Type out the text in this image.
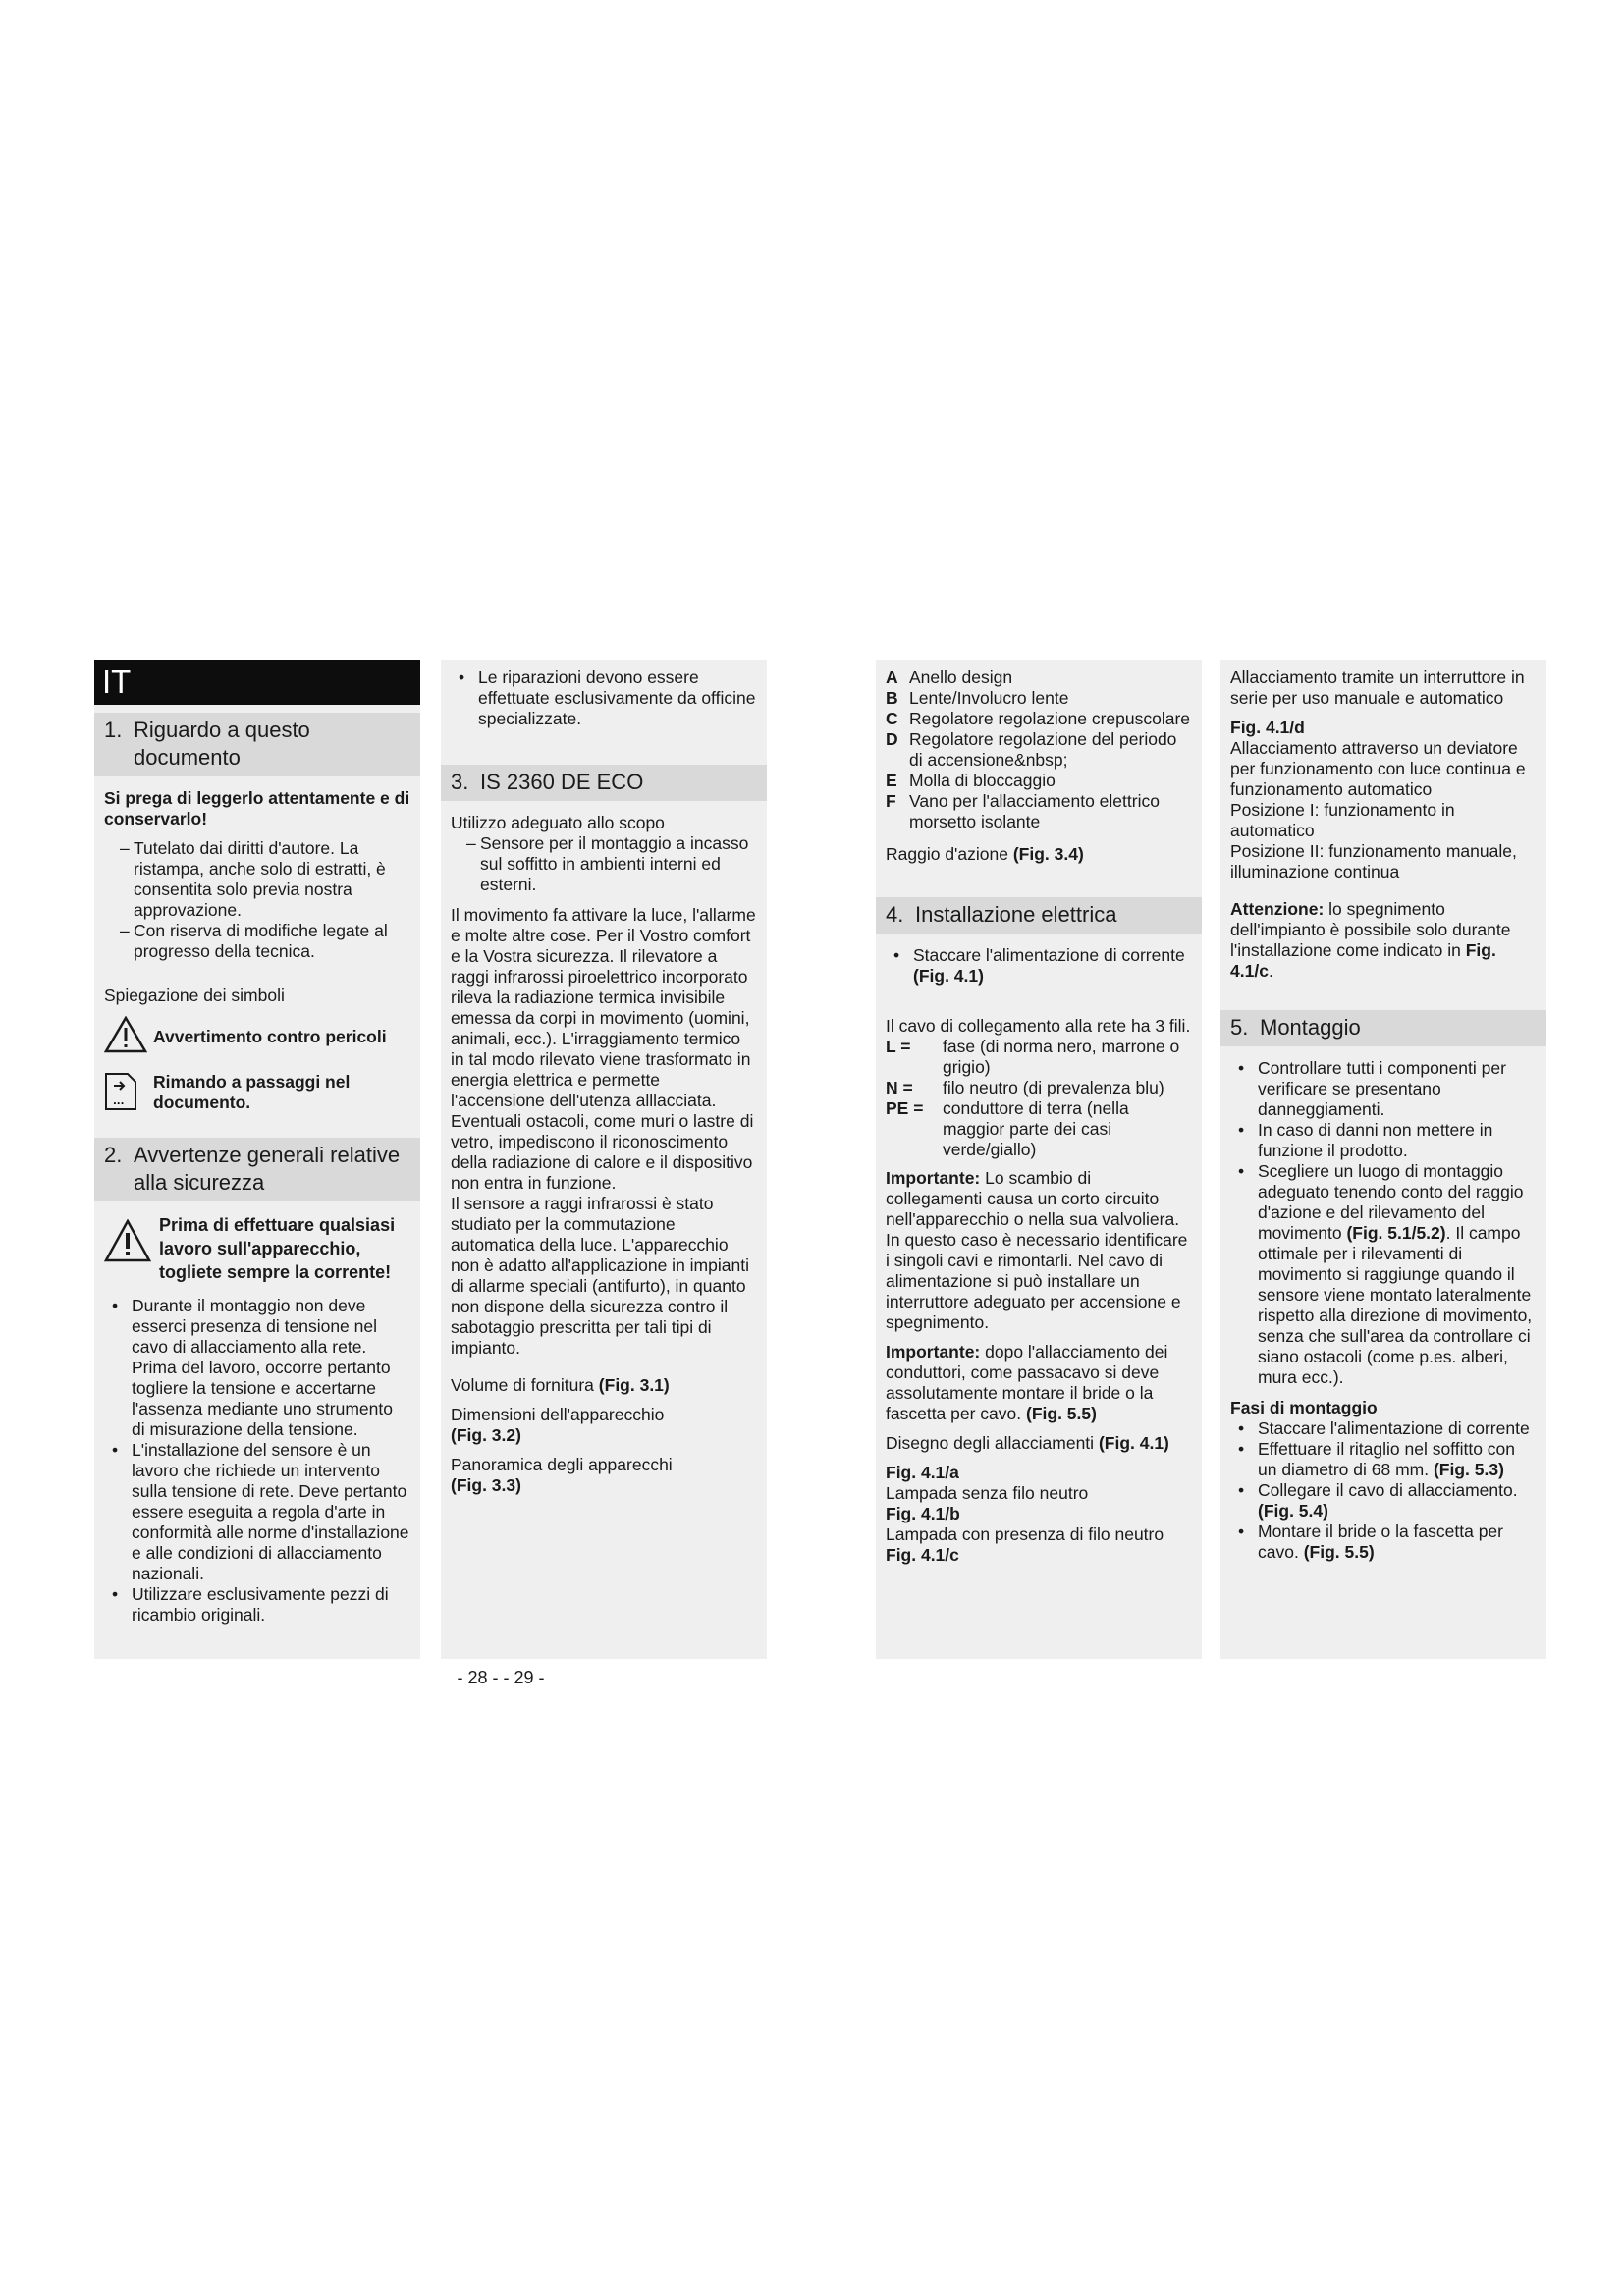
IT
1. Riguardo a questo documento
Si prega di leggerlo attentamente e di conservarlo!
– Tutelato dai diritti d'autore. La ristampa, anche solo di estratti, è consentita solo previa nostra approvazione.
– Con riserva di modifiche legate al progresso della tecnica.
Spiegazione dei simboli
Avvertimento contro pericoli
...
Rimando a passaggi nel documento.
2. Avvertenze generali relative alla sicurezza
Prima di effettuare qualsiasi lavoro sull'apparecchio, togliete sempre la corrente!
• Durante il montaggio non deve esserci presenza di tensione nel cavo di allacciamento alla rete. Prima del lavoro, occorre pertanto togliere la tensione e accertarne l'assenza mediante uno strumento di misurazione della tensione.
• L'installazione del sensore è un lavoro che richiede un intervento sulla tensione di rete. Deve pertanto essere eseguita a regola d'arte in conformità alle norme d'installazione e alle condizioni di allacciamento nazionali.
• Utilizzare esclusivamente pezzi di ricambio originali.
• Le riparazioni devono essere effettuate esclusivamente da officine specializzate.
3. IS 2360 DE ECO
Utilizzo adeguato allo scopo
– Sensore per il montaggio a incasso sul soffitto in ambienti interni ed esterni.
Il movimento fa attivare la luce, l'allarme e molte altre cose. Per il Vostro comfort e la Vostra sicurezza. Il rilevatore a raggi infrarossi piroelettrico incorporato rileva la radiazione termica invisibile emessa da corpi in movimento (uomini, animali, ecc.). L'irraggiamento termico in tal modo rilevato viene trasformato in energia elettrica e permette l'accensione dell'utenza alllacciata. Eventuali ostacoli, come muri o lastre di vetro, impediscono il riconoscimento della radiazione di calore e il dispositivo non entra in funzione.
Il sensore a raggi infrarossi è stato studiato per la commutazione automatica della luce. L'apparecchio non è adatto all'applicazione in impianti di allarme speciali (antifurto), in quanto non dispone della sicurezza contro il sabotaggio prescritta per tali tipi di impianto.
Volume di fornitura (Fig. 3.1)
Dimensioni dell'apparecchio
(Fig. 3.2)
Panoramica degli apparecchi
(Fig. 3.3)
A Anello design
B Lente/Involucro lente
C Regolatore regolazione crepuscolare
D Regolatore regolazione del periodo di accensione&nbsp;
E Molla di bloccaggio
F Vano per l'allacciamento elettrico morsetto isolante
Raggio d'azione (Fig. 3.4)
4. Installazione elettrica
• Staccare l'alimentazione di corrente (Fig. 4.1)
Il cavo di collegamento alla rete ha 3 fili.
L =	fase (di norma nero, marrone o grigio)
N =	filo neutro (di prevalenza blu)
PE =	conduttore di terra (nella maggior parte dei casi verde/giallo)
Importante: Lo scambio di collegamenti causa un corto circuito nell'apparecchio o nella sua valvoliera. In questo caso è necessario identificare i singoli cavi e rimontarli. Nel cavo di alimentazione si può installare un interruttore adeguato per accensione e spegnimento.
Importante: dopo l'allacciamento dei conduttori, come passacavo si deve assolutamente montare il bride o la fascetta per cavo. (Fig. 5.5)
Disegno degli allacciamenti (Fig. 4.1)
Fig. 4.1/a
Lampada senza filo neutro
Fig. 4.1/b
Lampada con presenza di filo neutro
Fig. 4.1/c
Allacciamento tramite un interruttore in serie per uso manuale e automatico
Fig. 4.1/d
Allacciamento attraverso un deviatore per funzionamento con luce continua e funzionamento automatico
Posizione I: funzionamento in automatico
Posizione II: funzionamento manuale, illuminazione continua
Attenzione: lo spegnimento dell'impianto è possibile solo durante l'installazione come indicato in Fig. 4.1/c.
5. Montaggio
• Controllare tutti i componenti per verificare se presentano danneggiamenti.
• In caso di danni non mettere in funzione il prodotto.
• Scegliere un luogo di montaggio adeguato tenendo conto del raggio d'azione e del rilevamento del movimento (Fig. 5.1/5.2). Il campo ottimale per i rilevamenti di movimento si raggiunge quando il sensore viene montato lateralmente rispetto alla direzione di movimento, senza che sull'area da controllare ci siano ostacoli (come p.es. alberi, mura ecc.).
Fasi di montaggio
• Staccare l'alimentazione di corrente
• Effettuare il ritaglio nel soffitto con un diametro di 68 mm. (Fig. 5.3)
• Collegare il cavo di allacciamento. (Fig. 5.4)
• Montare il bride o la fascetta per cavo. (Fig. 5.5)
- 28 - - 29 -
